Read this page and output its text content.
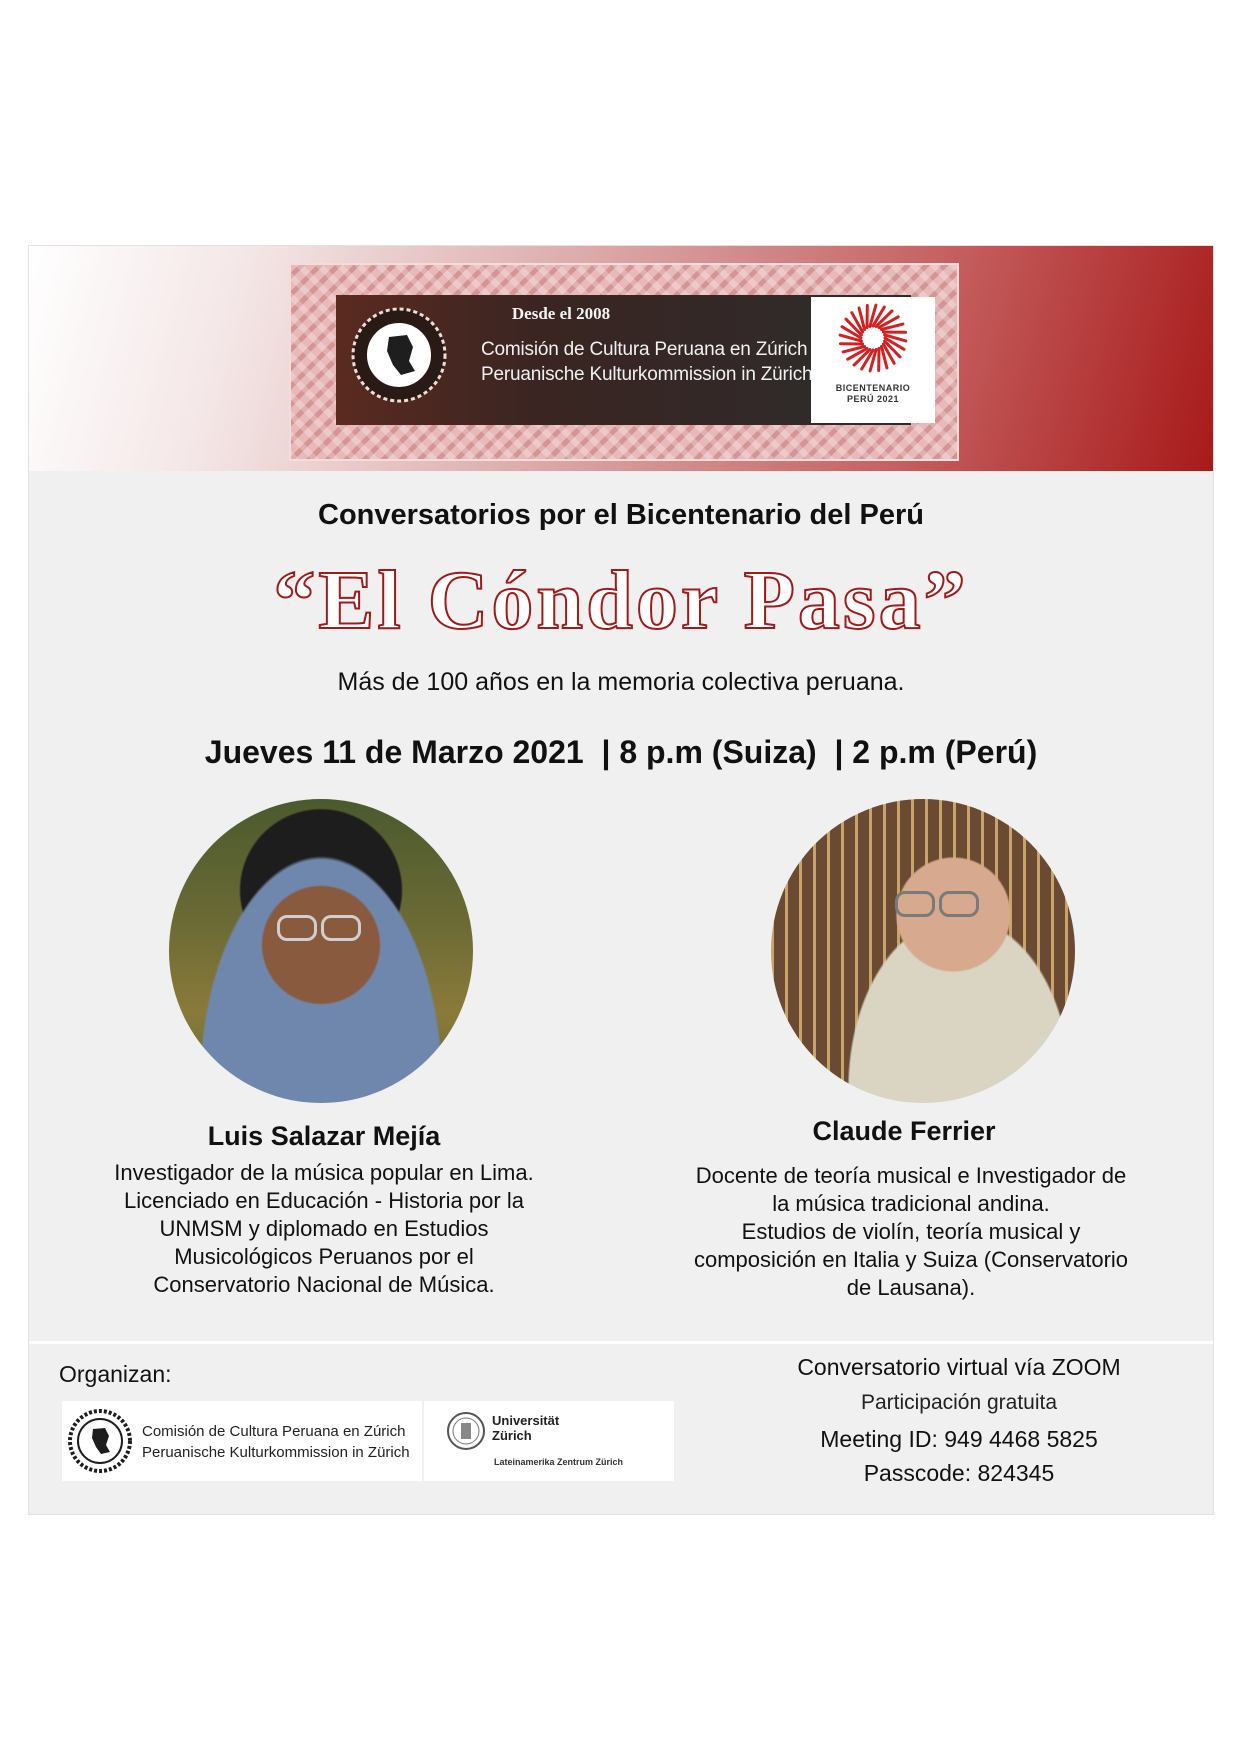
Desde el 2008
Comisión de Cultura Peruana en Zúrich
Peruanische Kulturkommission in Zürich
BICENTENARIO
PERÚ 2021
Conversatorios por el Bicentenario del Perú
“El Cóndor Pasa”
Más de 100 años en la memoria colectiva peruana.
Jueves 11 de Marzo 2021  | 8 p.m (Suiza)  | 2 p.m (Perú)
Luis Salazar Mejía
Investigador de la música popular en Lima.
Licenciado en Educación - Historia por la
UNMSM y diplomado en Estudios
Musicológicos Peruanos por el
Conservatorio Nacional de Música.
Claude Ferrier
Docente de teoría musical e Investigador de
la música tradicional andina.
Estudios de violín, teoría musical y
composición en Italia y Suiza (Conservatorio
de Lausana).
Organizan:
Comisión de Cultura Peruana en Zúrich
Peruanische Kulturkommission in Zürich
Universität
Zürich
Lateinamerika Zentrum Zürich
Conversatorio virtual vía ZOOM
Participación gratuita
Meeting ID: 949 4468 5825
Passcode: 824345
